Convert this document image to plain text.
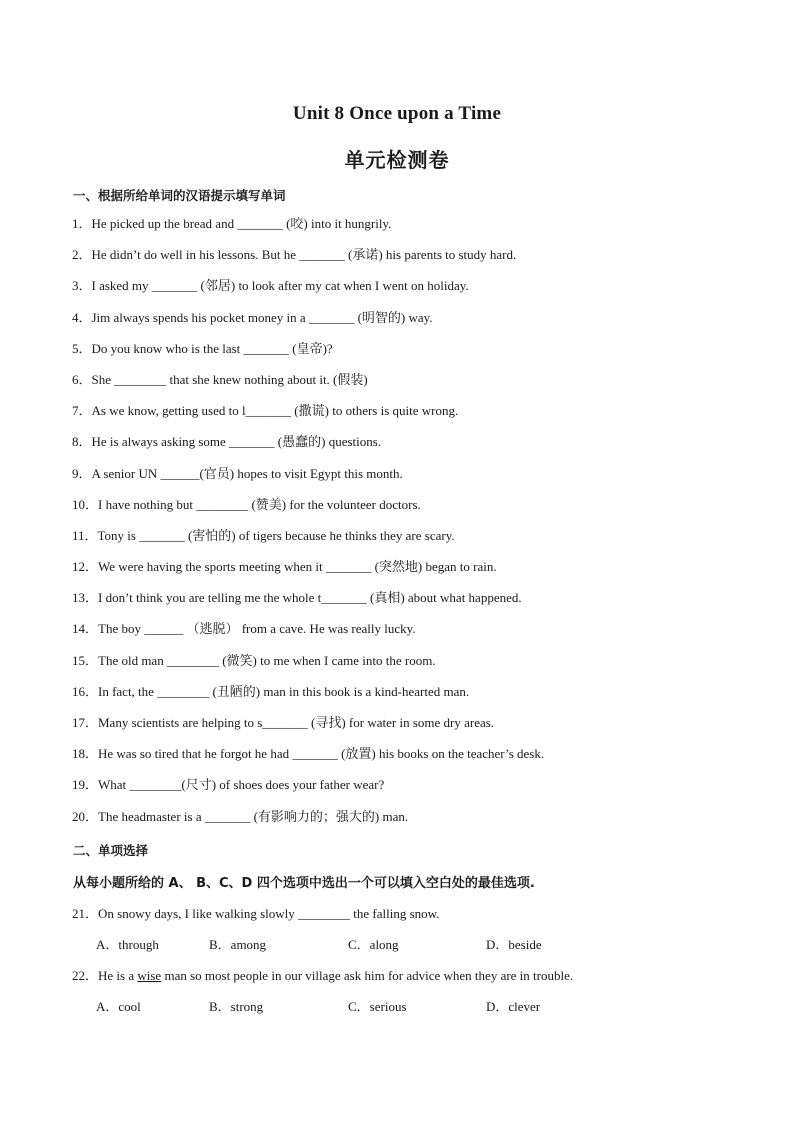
Unit 8 Once upon a Time
单元检测卷
一、根据所给单词的汉语提示填写单词
1．He picked up the bread and _______ (咬) into it hungrily.
2．He didn’t do well in his lessons. But he _______ (承诺) his parents to study hard.
3．I asked my _______ (邻居) to look after my cat when I went on holiday.
4．Jim always spends his pocket money in a _______ (明智的) way.
5．Do you know who is the last _______ (皇帝)?
6．She ________ that she knew nothing about it. (假装)
7．As we know, getting used to l_______ (撒谎) to others is quite wrong.
8．He is always asking some _______ (愚蠢的) questions.
9．A senior UN ______(官员) hopes to visit Egypt this month.
10．I have nothing but ________ (赞美) for the volunteer doctors.
11．Tony is _______ (害怕的) of tigers because he thinks they are scary.
12．We were having the sports meeting when it _______ (突然地) began to rain.
13．I don’t think you are telling me the whole t_______ (真相) about what happened.
14．The boy ______ （逃脱） from a cave. He was really lucky.
15．The old man ________ (微笑) to me when I came into the room.
16．In fact, the ________ (丑陋的) man in this book is a kind-hearted man.
17．Many scientists are helping to s_______ (寻找) for water in some dry areas.
18．He was so tired that he forgot he had _______ (放置) his books on the teacher’s desk.
19．What ________(尺寸) of shoes does your father wear?
20．The headmaster is a _______ (有影响力的；强大的) man.
二、单项选择
从每小题所给的 A、 B、C、D 四个选项中选出一个可以填入空白处的最佳选项.
21．On snowy days, I like walking slowly ________ the falling snow.
A．through	B．among	C．along	D．beside
22．He is a wise man so most people in our village ask him for advice when they are in trouble.
A．cool	B．strong	C．serious	D．clever
